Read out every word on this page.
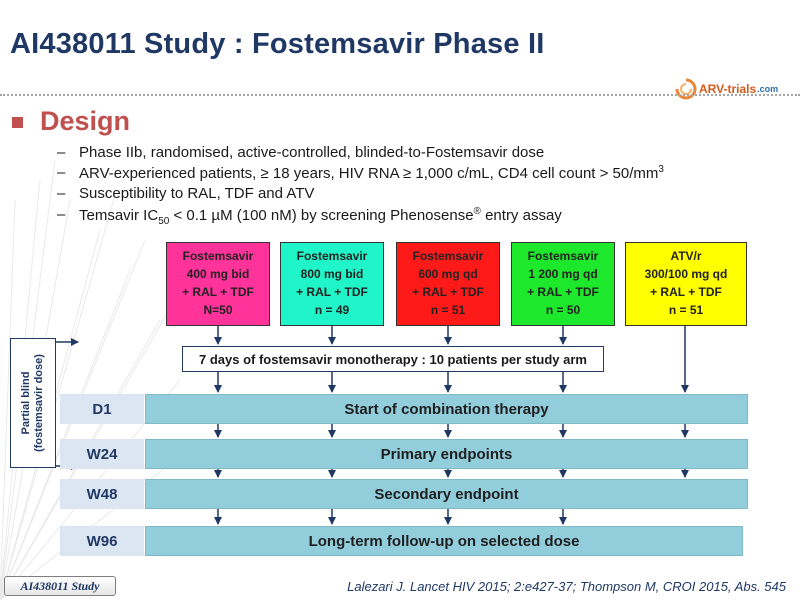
AI438011 Study : Fostemsavir Phase II
ARV-trials .com
Design
– Phase IIb, randomised, active-controlled, blinded-to-Fostemsavir dose
– ARV-experienced patients, ≥ 18 years, HIV RNA ≥ 1,000 c/mL, CD4 cell count > $50/mm^3$
– Susceptibility to RAL, TDF and ATV
– Temsavir $IC_{50} < 0.1$ µM (100 nM) by screening Phenosense® entry assay
Fostemsavir
400 mg bid
+ RAL + TDF
N=50
Fostemsavir
800 mg bid
+ RAL + TDF
n = 49
Fostemsavir
600 mg qd
+ RAL + TDF
n = 51
Fostemsavir
1 200 mg qd
+ RAL + TDF
n = 50
ATV/r
300/100 mg qd
+ RAL + TDF
n = 51
7 days of fostemsavir monotherapy : 10 patients per study arm
Partial blind (fostemsavir dose)	D1	Start of combination therapy
W24	Primary endpoints
W48	Secondary endpoint
W96	Long-term follow-up on selected dose
AI438011 Study	Lalezari J. Lancet HIV 2015; 2:e427-37; Thompson M, CROI 2015, Abs. 545
